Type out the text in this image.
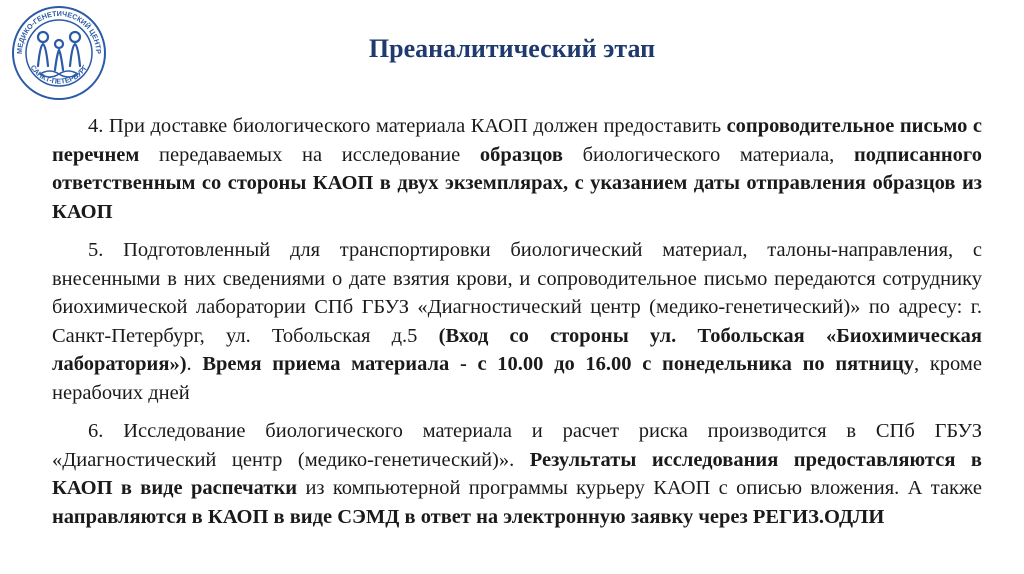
МЕДИКО-ГЕНЕТИЧЕСКИЙ ЦЕНТР
САНКТ-ПЕТЕРБУРГ
Преаналитический этап

4. При доставке биологического материала КАОП должен предоставить сопроводительное письмо с перечнем передаваемых на исследование образцов биологического материала, подписанного ответственным со стороны КАОП в двух экземплярах, с указанием даты отправления образцов из КАОП

5. Подготовленный для транспортировки биологический материал, талоны-направления, с внесенными в них сведениями о дате взятия крови, и сопроводительное письмо передаются сотруднику биохимической лаборатории СПб ГБУЗ «Диагностический центр (медико-генетический)» по адресу: г. Санкт-Петербург, ул. Тобольская д.5 (Вход со стороны ул. Тобольская «Биохимическая лаборатория»). Время приема материала - с 10.00 до 16.00 с понедельника по пятницу, кроме нерабочих дней

6. Исследование биологического материала и расчет риска производится в СПб ГБУЗ «Диагностический центр (медико-генетический)». Результаты исследования предоставляются в КАОП в виде распечатки из компьютерной программы курьеру КАОП с описью вложения. А также направляются в КАОП в виде СЭМД в ответ на электронную заявку через РЕГИЗ.ОДЛИ
